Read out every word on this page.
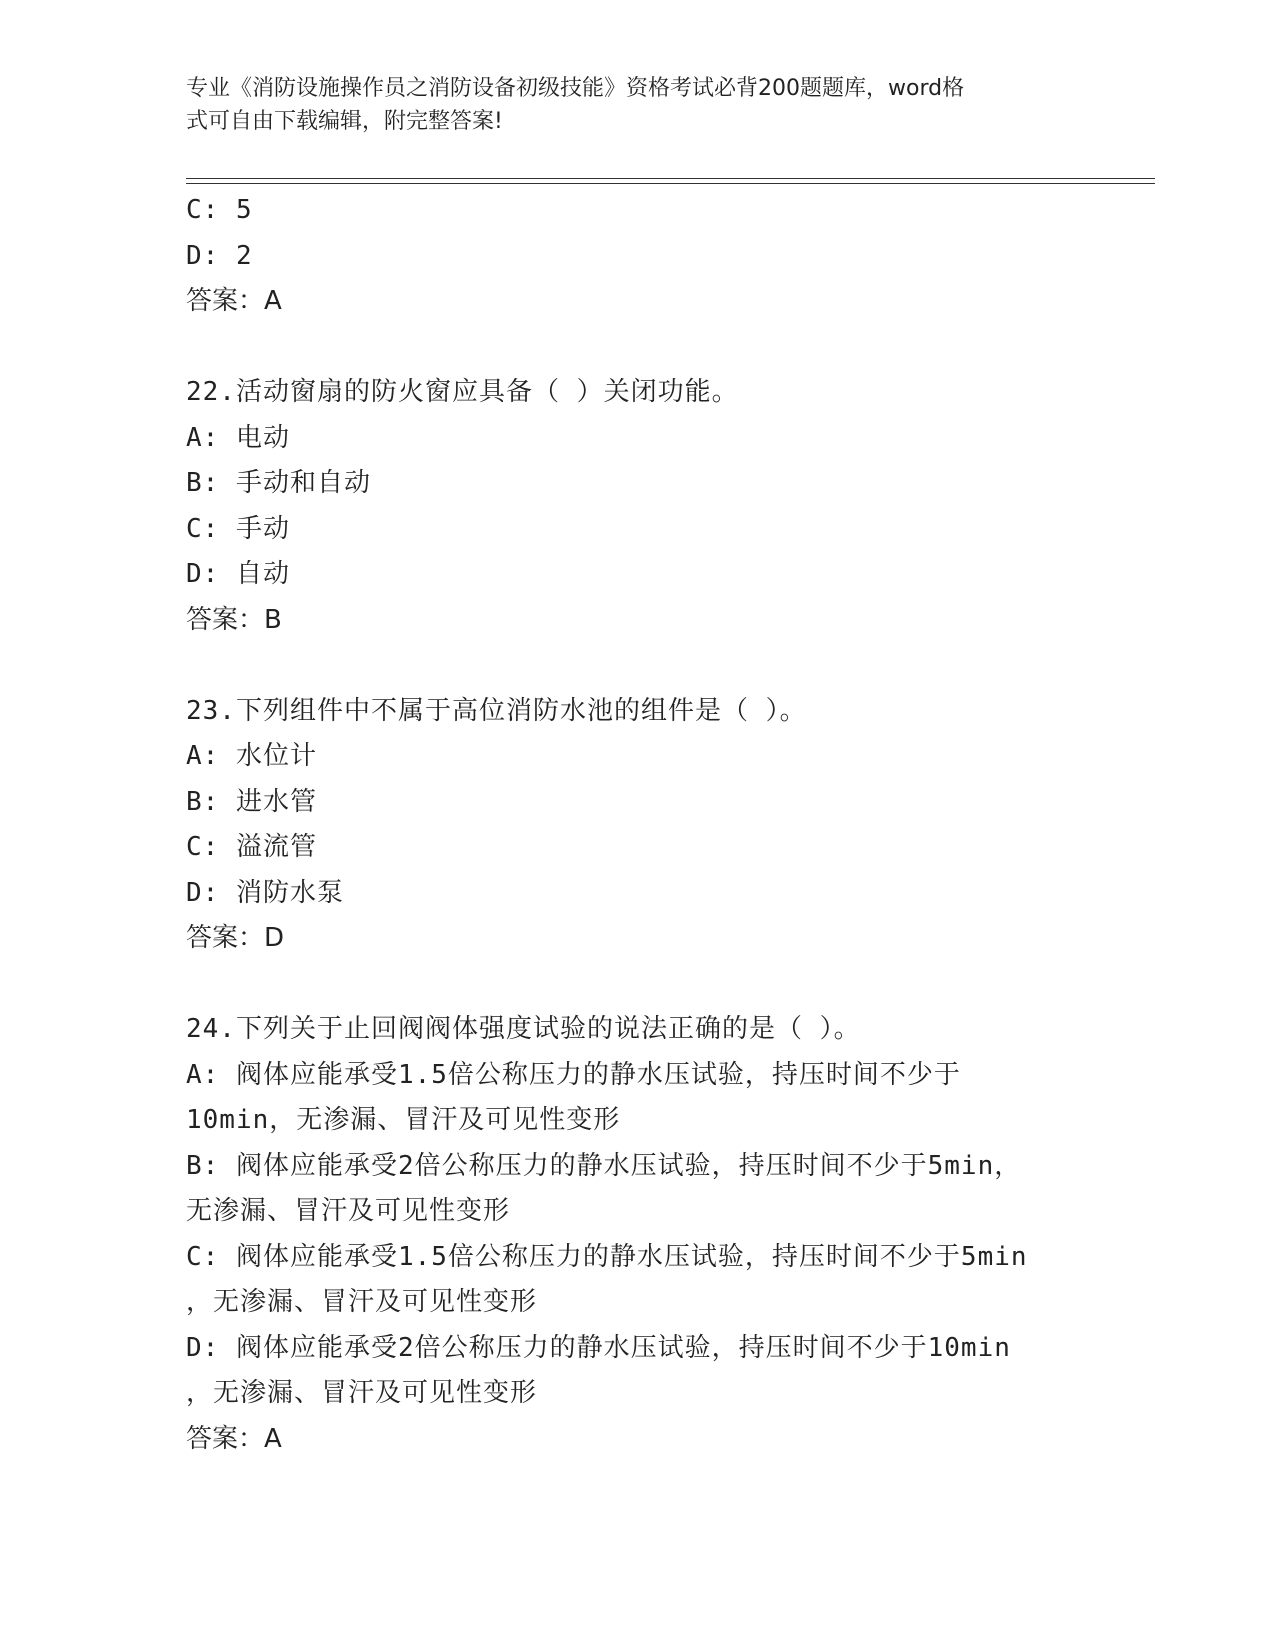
专业《消防设施操作员之消防设备初级技能》资格考试必背200题题库，word格
式可自由下载编辑，附完整答案!
C: 5
D: 2
答案：A
22.活动窗扇的防火窗应具备（ ）关闭功能。
A: 电动
B: 手动和自动
C: 手动
D: 自动
答案：B
23.下列组件中不属于高位消防水池的组件是（ ）。
A: 水位计
B: 进水管
C: 溢流管
D: 消防水泵
答案：D
24.下列关于止回阀阀体强度试验的说法正确的是（ ）。
A: 阀体应能承受1.5倍公称压力的静水压试验，持压时间不少于
10min，无渗漏、冒汗及可见性变形
B: 阀体应能承受2倍公称压力的静水压试验，持压时间不少于5min，
无渗漏、冒汗及可见性变形
C: 阀体应能承受1.5倍公称压力的静水压试验，持压时间不少于5min
，无渗漏、冒汗及可见性变形
D: 阀体应能承受2倍公称压力的静水压试验，持压时间不少于10min
，无渗漏、冒汗及可见性变形
答案：A
